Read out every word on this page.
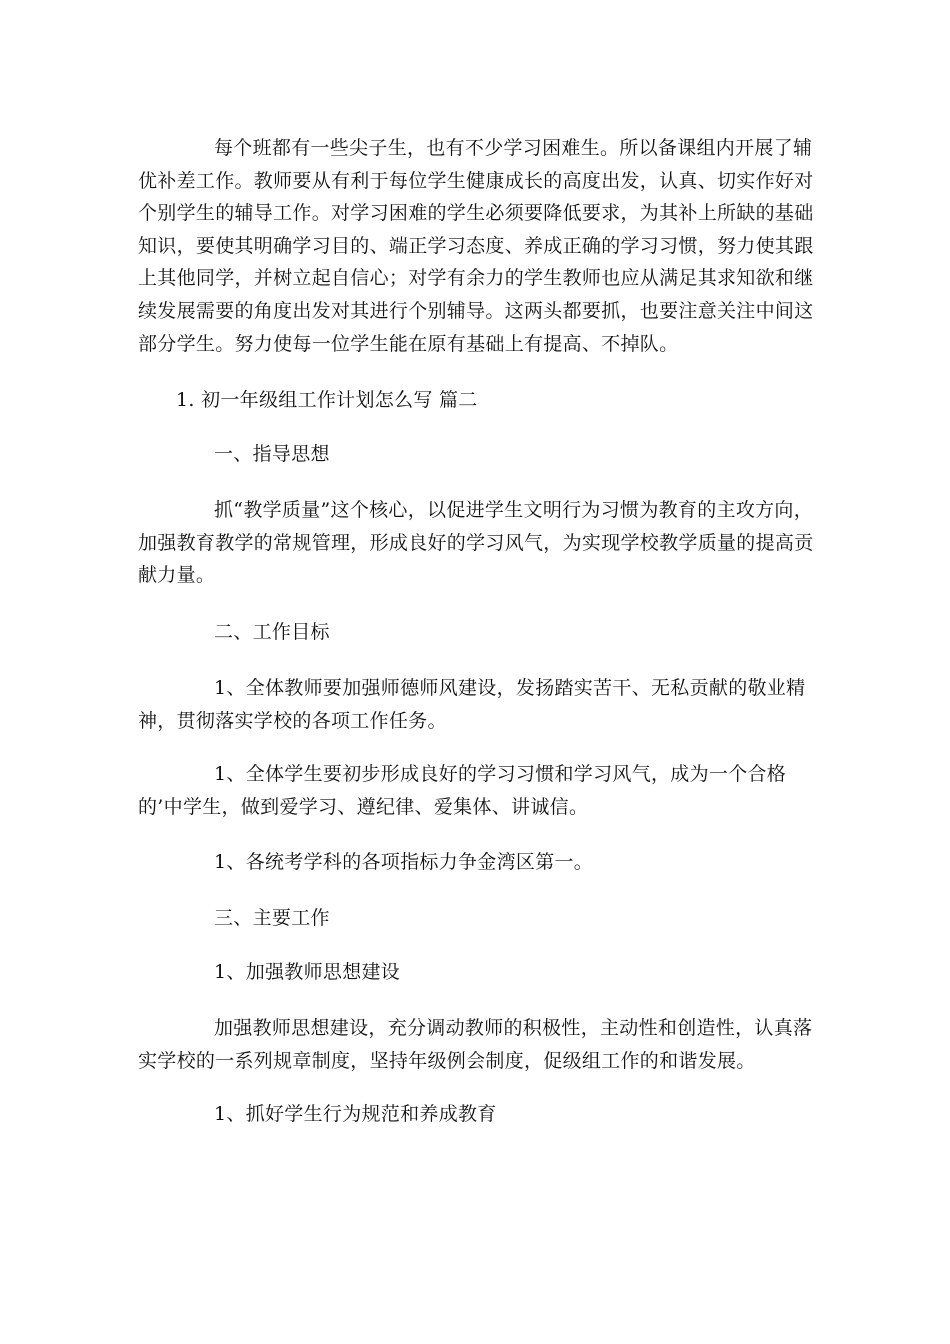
每个班都有一些尖子生，也有不少学习困难生。所以备课组内开展了辅
优补差工作。教师要从有利于每位学生健康成长的高度出发，认真、切实作好对
个别学生的辅导工作。对学习困难的学生必须要降低要求，为其补上所缺的基础
知识，要使其明确学习目的、端正学习态度、养成正确的学习习惯，努力使其跟
上其他同学，并树立起自信心；对学有余力的学生教师也应从满足其求知欲和继
续发展需要的角度出发对其进行个别辅导。这两头都要抓，也要注意关注中间这
部分学生。努力使每一位学生能在原有基础上有提高、不掉队。
1. 初一年级组工作计划怎么写 篇二
一、指导思想
抓“教学质量”这个核心，以促进学生文明行为习惯为教育的主攻方向，
加强教育教学的常规管理，形成良好的学习风气，为实现学校教学质量的提高贡
献力量。
二、工作目标
1、全体教师要加强师德师风建设，发扬踏实苦干、无私贡献的敬业精
神，贯彻落实学校的各项工作任务。
1、全体学生要初步形成良好的学习习惯和学习风气，成为一个合格
的’中学生，做到爱学习、遵纪律、爱集体、讲诚信。
1、各统考学科的各项指标力争金湾区第一。
三、主要工作
1、加强教师思想建设
加强教师思想建设，充分调动教师的积极性，主动性和创造性，认真落
实学校的一系列规章制度，坚持年级例会制度，促级组工作的和谐发展。
1、抓好学生行为规范和养成教育
